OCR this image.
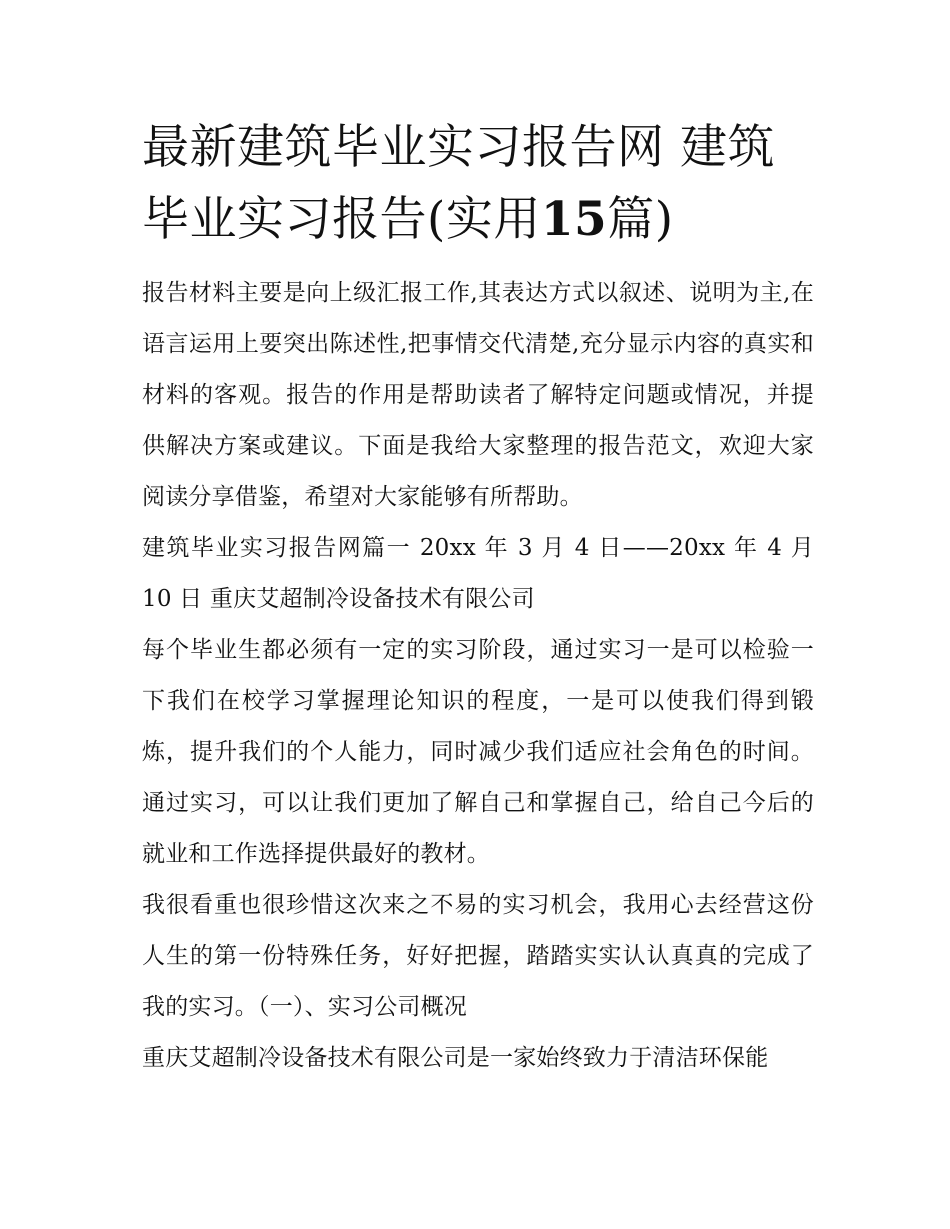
最新建筑毕业实习报告网 建筑
毕业实习报告(实用15篇)

报告材料主要是向上级汇报工作,其表达方式以叙述、说明为主,在语言运用上要突出陈述性,把事情交代清楚,充分显示内容的真实和材料的客观。报告的作用是帮助读者了解特定问题或情况，并提供解决方案或建议。下面是我给大家整理的报告范文，欢迎大家阅读分享借鉴，希望对大家能够有所帮助。

建筑毕业实习报告网篇一 20xx 年 3 月 4 日——20xx 年 4 月 10 日 重庆艾超制冷设备技术有限公司

每个毕业生都必须有一定的实习阶段，通过实习一是可以检验一下我们在校学习掌握理论知识的程度，一是可以使我们得到锻炼，提升我们的个人能力，同时减少我们适应社会角色的时间。通过实习，可以让我们更加了解自己和掌握自己，给自己今后的就业和工作选择提供最好的教材。

我很看重也很珍惜这次来之不易的实习机会，我用心去经营这份人生的第一份特殊任务，好好把握，踏踏实实认认真真的完成了我的实习。（一）、实习公司概况

重庆艾超制冷设备技术有限公司是一家始终致力于清洁环保能
